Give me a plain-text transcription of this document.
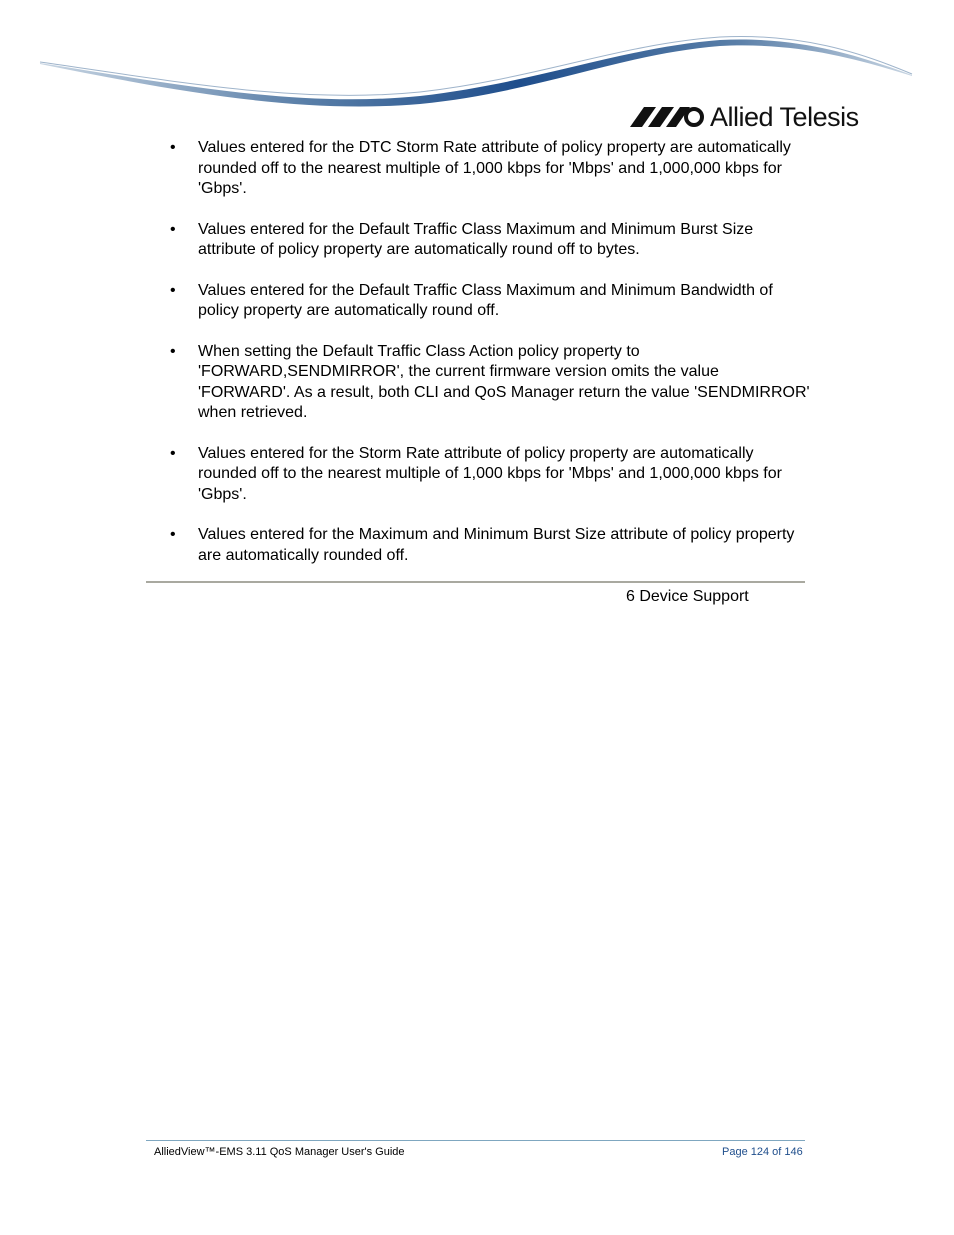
Allied Telesis
•	Values entered for the DTC Storm Rate attribute of policy property are automatically rounded off to the nearest multiple of 1,000 kbps for 'Mbps' and 1,000,000 kbps for 'Gbps'.
•	Values entered for the Default Traffic Class Maximum and Minimum Burst Size attribute of policy property are automatically round off to bytes.
•	Values entered for the Default Traffic Class Maximum and Minimum Bandwidth of policy property are automatically round off.
•	When setting the Default Traffic Class Action policy property to 'FORWARD,SENDMIRROR', the current firmware version omits the value 'FORWARD'. As a result, both CLI and QoS Manager return the value 'SENDMIRROR' when retrieved.
•	Values entered for the Storm Rate attribute of policy property are automatically rounded off to the nearest multiple of 1,000 kbps for 'Mbps' and 1,000,000 kbps for 'Gbps'.
•	Values entered for the Maximum and Minimum Burst Size attribute of policy property are automatically rounded off.
6 Device Support
AlliedView™-EMS 3.11 QoS Manager User's Guide	Page 124 of 146
